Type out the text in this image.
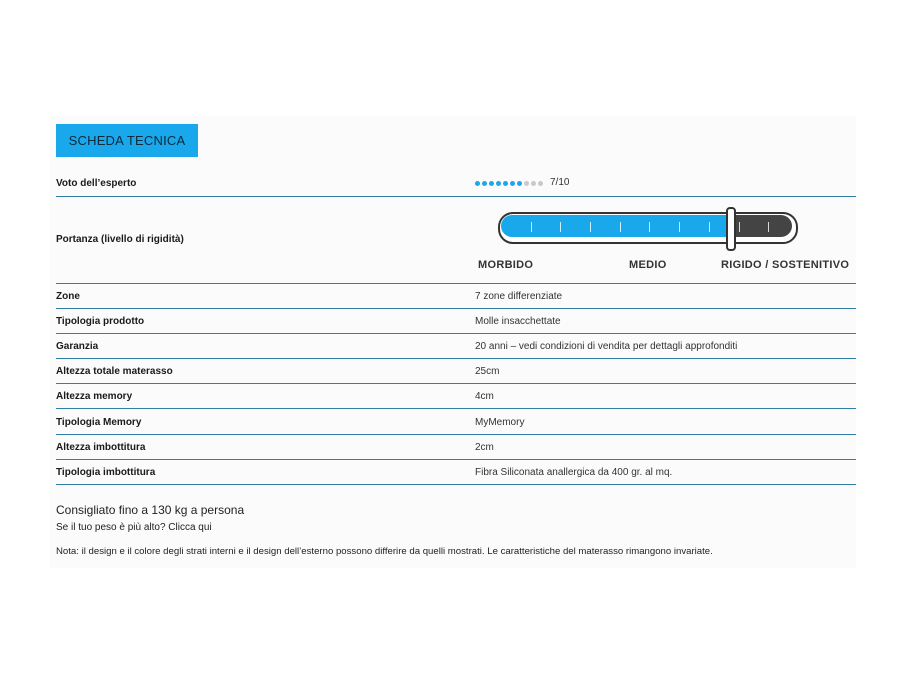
SCHEDA TECNICA
Voto dell’esperto	7/10
Portanza (livello di rigidità)
MORBIDO	MEDIO	RIGIDO / SOSTENITIVO
Zone	7 zone differenziate
Tipologia prodotto	Molle insacchettate
Garanzia	20 anni – vedi condizioni di vendita per dettagli approfonditi
Altezza totale materasso	25cm
Altezza memory	4cm
Tipologia Memory	MyMemory
Altezza imbottitura	2cm
Tipologia imbottitura	Fibra Siliconata anallergica da 400 gr. al mq.
Consigliato fino a 130 kg a persona
Se il tuo peso è più alto? Clicca qui
Nota: il design e il colore degli strati interni e il design dell’esterno possono differire da quelli mostrati. Le caratteristiche del materasso rimangono invariate.
